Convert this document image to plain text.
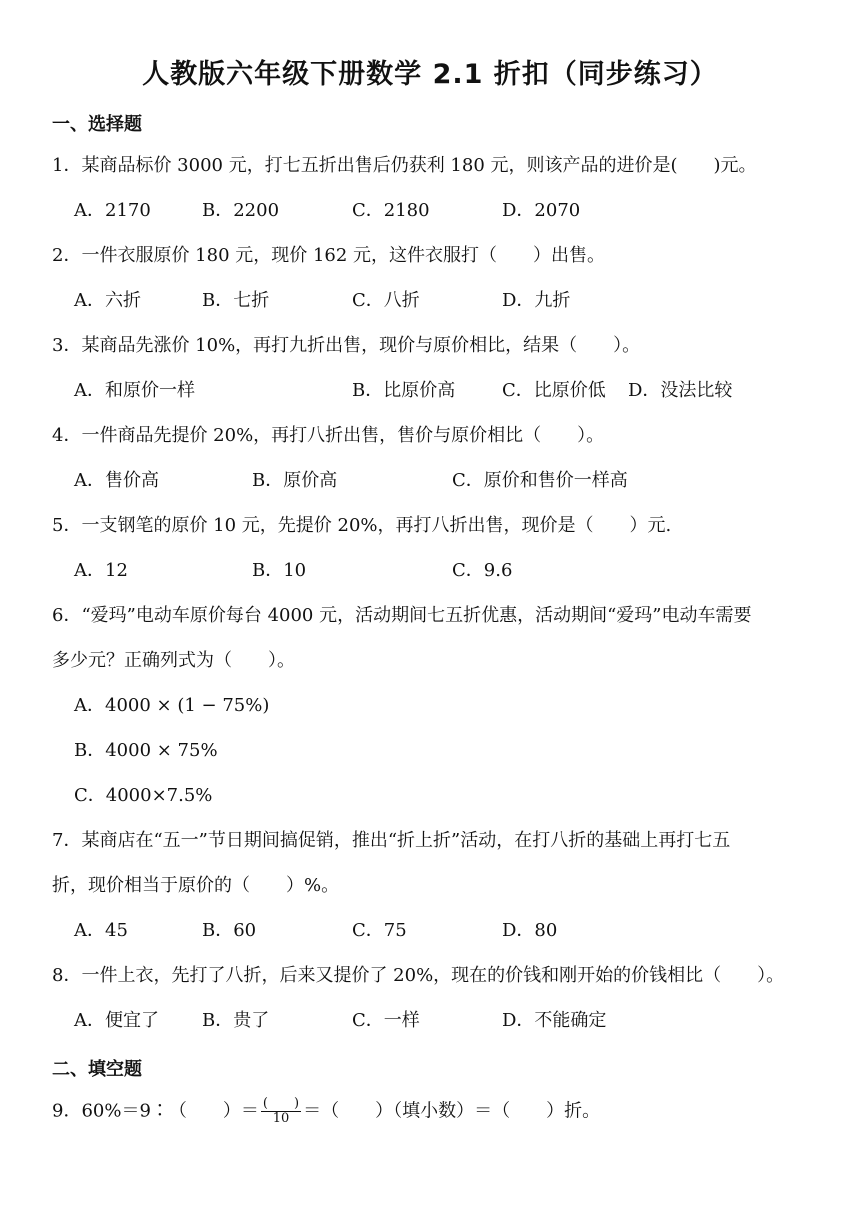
人教版六年级下册数学 2.1 折扣（同步练习）
一、选择题
1．某商品标价 3000 元，打七五折出售后仍获利 180 元，则该产品的进价是(　　)元。
A．2170	B．2200	C．2180	D．2070
2．一件衣服原价 180 元，现价 162 元，这件衣服打（　　）出售。
A．六折	B．七折	C．八折	D．九折
3．某商品先涨价 10%，再打九折出售，现价与原价相比，结果（　　）。
A．和原价一样	B．比原价高	C．比原价低 D．没法比较
4．一件商品先提价 20%，再打八折出售，售价与原价相比（　　）。
A．售价高	B．原价高	C．原价和售价一样高
5．一支钢笔的原价 10 元，先提价 20%，再打八折出售，现价是（　　）元.
A．12	B．10	C．9.6
6．“爱玛”电动车原价每台 4000 元，活动期间七五折优惠，活动期间“爱玛”电动车需要
多少元？正确列式为（　　）。
A．4000 × (1 − 75%)
B．4000 × 75%
C．4000×7.5%
7．某商店在“五一”节日期间搞促销，推出“折上折”活动，在打八折的基础上再打七五
折，现价相当于原价的（　　）%。
A．45	B．60	C．75	D．80
8．一件上衣，先打了八折，后来又提价了 20%，现在的价钱和刚开始的价钱相比（　　）。
A．便宜了 B．贵了	C．一样	D．不能确定
二、填空题
9．60%＝9∶（　　）＝ $\frac{( )}{10}$ ＝（　　）（填小数）＝（　　）折。
